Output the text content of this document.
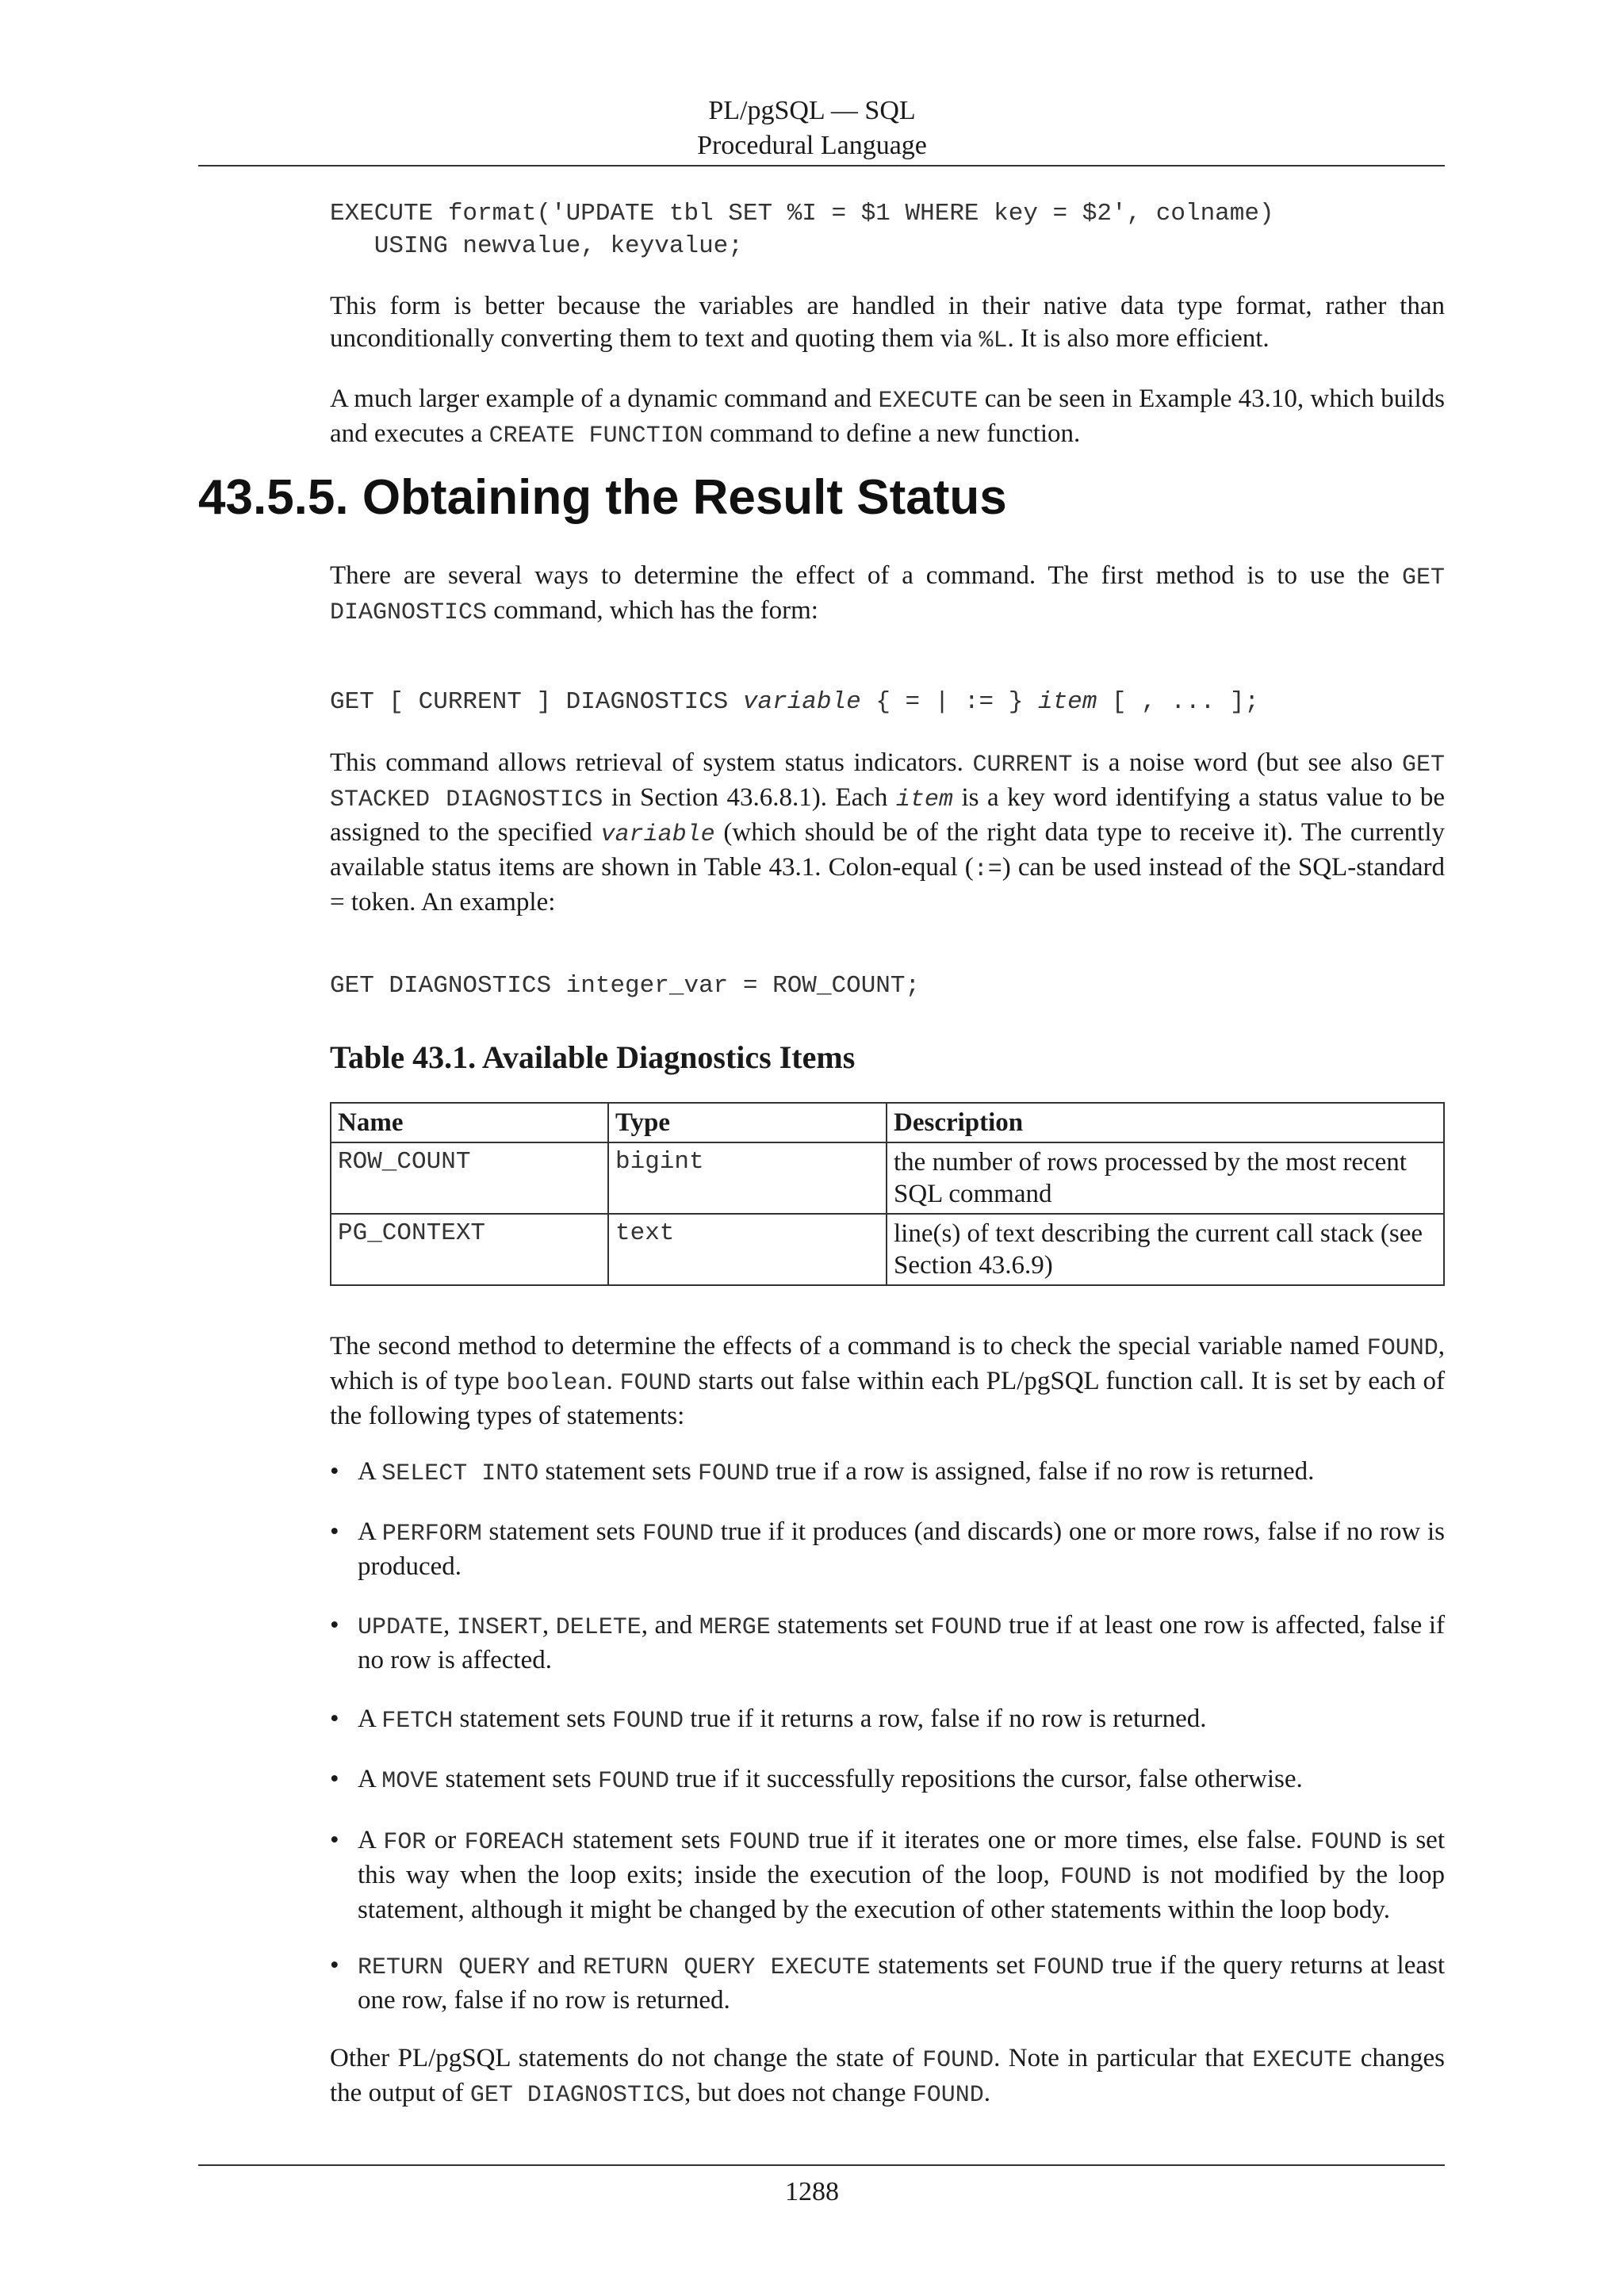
PL/pgSQL — SQL
Procedural Language
EXECUTE format('UPDATE tbl SET %I = $1 WHERE key = $2', colname)
USING newvalue, keyvalue;
This form is better because the variables are handled in their native data type format, rather than unconditionally converting them to text and quoting them via %L. It is also more efficient.
A much larger example of a dynamic command and EXECUTE can be seen in Example 43.10, which builds and executes a CREATE FUNCTION command to define a new function.
43.5.5. Obtaining the Result Status
There are several ways to determine the effect of a command. The first method is to use the GET DIAGNOSTICS command, which has the form:
GET [ CURRENT ] DIAGNOSTICS variable { = | := } item [ , ... ];
This command allows retrieval of system status indicators. CURRENT is a noise word (but see also GET STACKED DIAGNOSTICS in Section 43.6.8.1). Each item is a key word identifying a status value to be assigned to the specified variable (which should be of the right data type to receive it). The currently available status items are shown in Table 43.1. Colon-equal (:=) can be used instead of the SQL-standard = token. An example:
GET DIAGNOSTICS integer_var = ROW_COUNT;
Table 43.1. Available Diagnostics Items
Name	Type	Description
ROW_COUNT	bigint	the number of rows processed by the most recent SQL command
PG_CONTEXT	text	line(s) of text describing the current call stack (see Section 43.6.9)
The second method to determine the effects of a command is to check the special variable named FOUND, which is of type boolean. FOUND starts out false within each PL/pgSQL function call. It is set by each of the following types of statements:
• A SELECT INTO statement sets FOUND true if a row is assigned, false if no row is returned.
• A PERFORM statement sets FOUND true if it produces (and discards) one or more rows, false if no row is produced.
• UPDATE, INSERT, DELETE, and MERGE statements set FOUND true if at least one row is affected, false if no row is affected.
• A FETCH statement sets FOUND true if it returns a row, false if no row is returned.
• A MOVE statement sets FOUND true if it successfully repositions the cursor, false otherwise.
• A FOR or FOREACH statement sets FOUND true if it iterates one or more times, else false. FOUND is set this way when the loop exits; inside the execution of the loop, FOUND is not modified by the loop statement, although it might be changed by the execution of other statements within the loop body.
• RETURN QUERY and RETURN QUERY EXECUTE statements set FOUND true if the query returns at least one row, false if no row is returned.
Other PL/pgSQL statements do not change the state of FOUND. Note in particular that EXECUTE changes the output of GET DIAGNOSTICS, but does not change FOUND.
1288
